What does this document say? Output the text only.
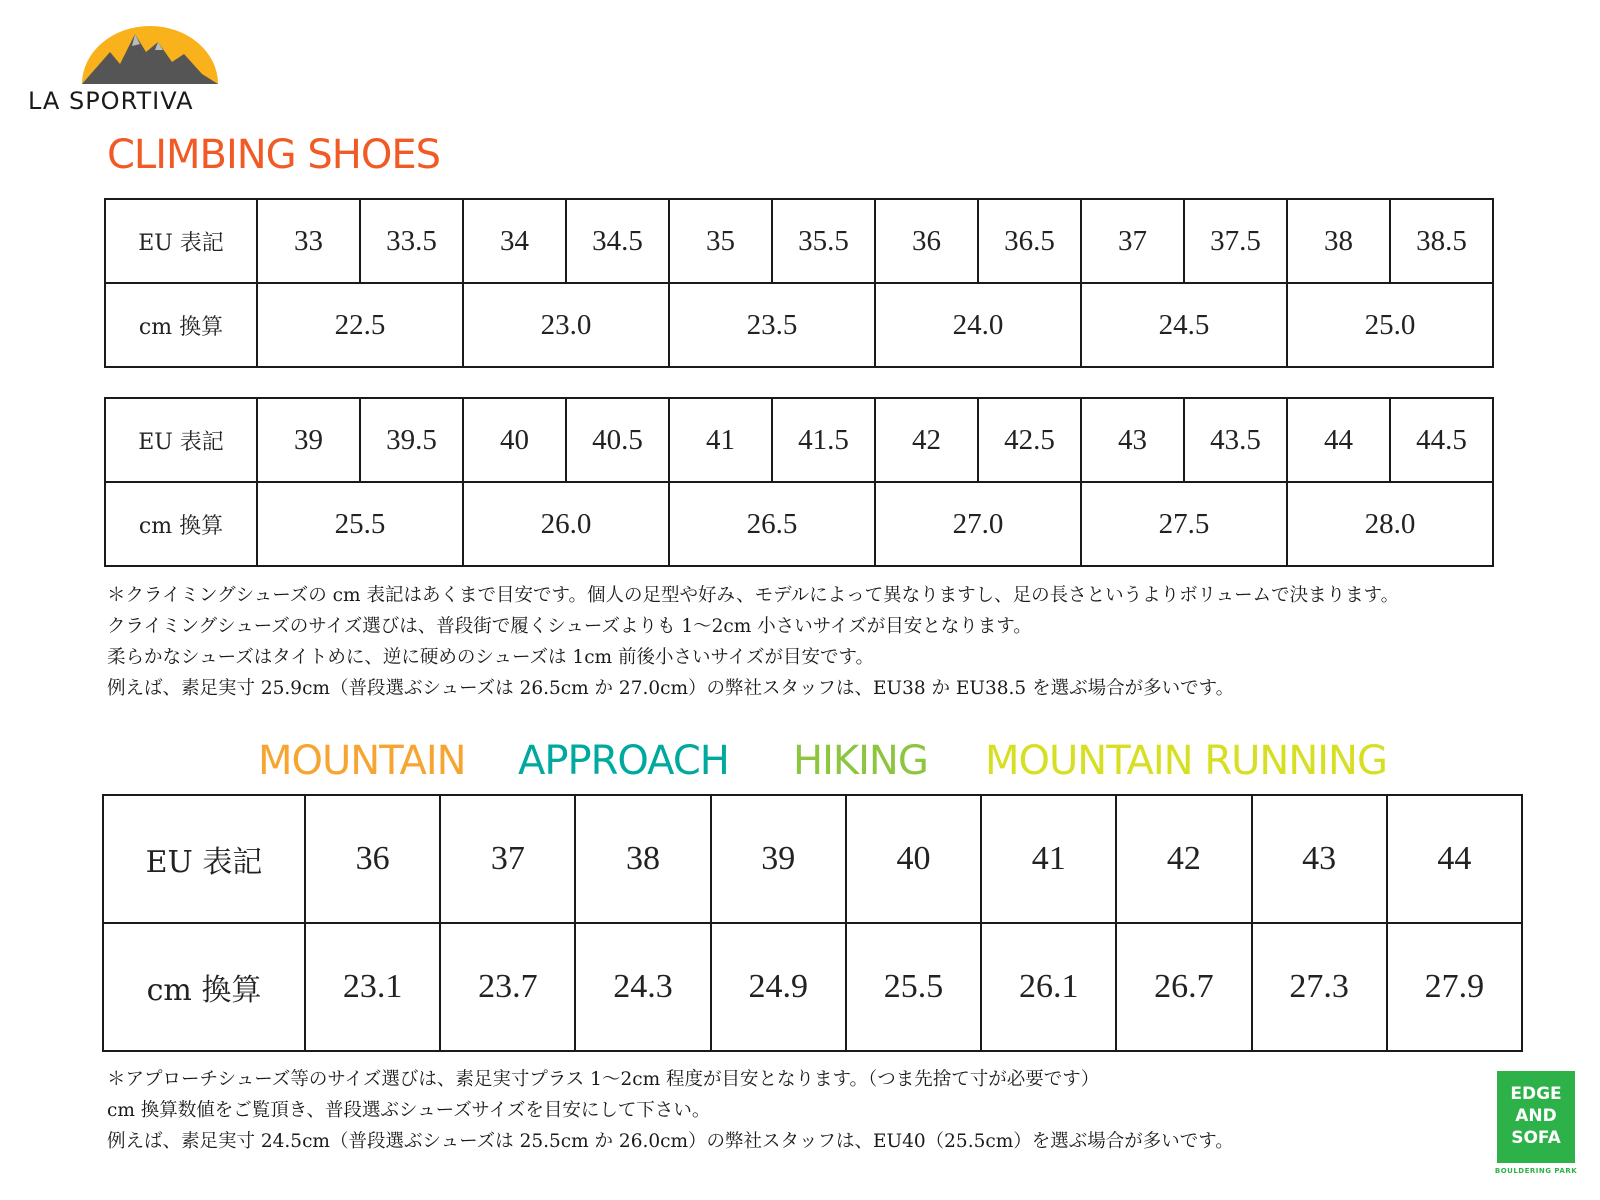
LA SPORTIVA
CLIMBING SHOES
EU 表記	33	33.5	34	34.5	35	35.5	36	36.5	37	37.5	38	38.5
cm 換算	22.5		23.0		23.5		24.0		24.5		25.0	
EU 表記	39	39.5	40	40.5	41	41.5	42	42.5	43	43.5	44	44.5
cm 換算	25.5		26.0		26.5		27.0		27.5		28.0	
＊クライミングシューズの cm 表記はあくまで目安です。個人の足型や好み、モデルによって異なりますし、足の長さというよりボリュームで決まります。
クライミングシューズのサイズ選びは、普段街で履くシューズよりも 1〜2cm 小さいサイズが目安となります。
柔らかなシューズはタイトめに、逆に硬めのシューズは 1cm 前後小さいサイズが目安です。
例えば、素足実寸 25.9cm（普段選ぶシューズは 26.5cm か 27.0cm）の弊社スタッフは、EU38 か EU38.5 を選ぶ場合が多いです。
MOUNTAIN APPROACH HIKING MOUNTAIN RUNNING
EU 表記	36	37	38	39	40	41	42	43	44
cm 換算	23.1	23.7	24.3	24.9	25.5	26.1	26.7	27.3	27.9
＊アプローチシューズ等のサイズ選びは、素足実寸プラス 1〜2cm 程度が目安となります。（つま先捨て寸が必要です）
cm 換算数値をご覧頂き、普段選ぶシューズサイズを目安にして下さい。
例えば、素足実寸 24.5cm（普段選ぶシューズは 25.5cm か 26.0cm）の弊社スタッフは、EU40（25.5cm）を選ぶ場合が多いです。
EDGE
AND
SOFA
BOULDERING PARK
